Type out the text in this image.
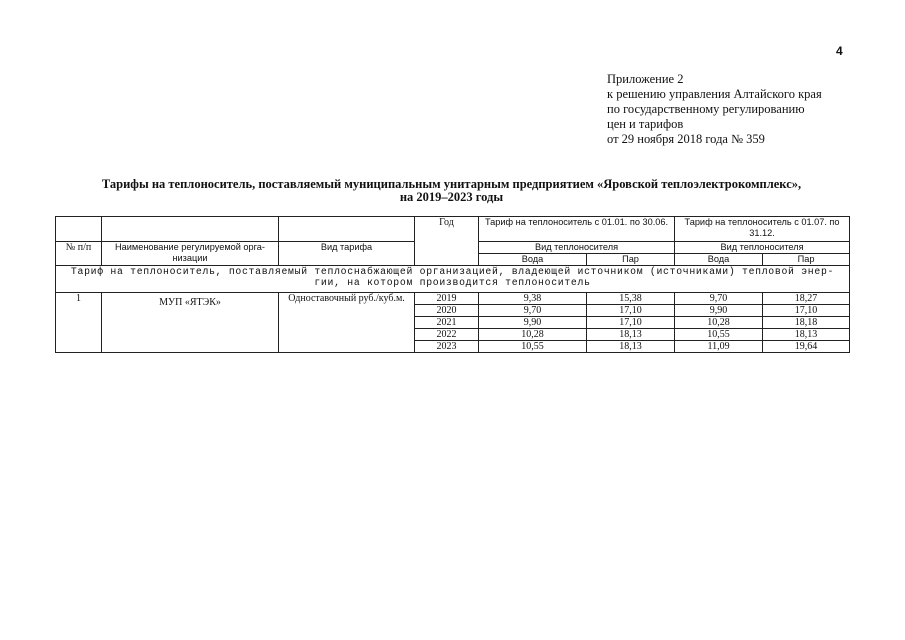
4
Приложение 2
к решению управления Алтайского края
по государственному регулированию
цен и тарифов
от 29 ноября 2018 года № 359
Тарифы на теплоноситель, поставляемый муниципальным унитарным предприятием «Яровской теплоэлектрокомплекс»,
на 2019–2023 годы
			Год	Тариф на теплоноситель с 01.01. по 30.06.		Тариф на теплоноситель с 01.07. по 31.12.	
№ п/п	Наименование регулируемой орга-низации	Вид тарифа		Вид теплоносителя		Вид теплоносителя	
				Вода	Пар	Вода	Пар
Тариф на теплоноситель, поставляемый теплоснабжающей организацией, владеющей источником (источниками) тепловой энер-гии, на котором производится теплоноситель							
1	МУП «ЯТЭК»	Одноставочный руб./куб.м.	2019	9,38	15,38	9,70	18,27
			2020	9,70	17,10	9,90	17,10
			2021	9,90	17,10	10,28	18,18
			2022	10,28	18,13	10,55	18,13
			2023	10,55	18,13	11,09	19,64
